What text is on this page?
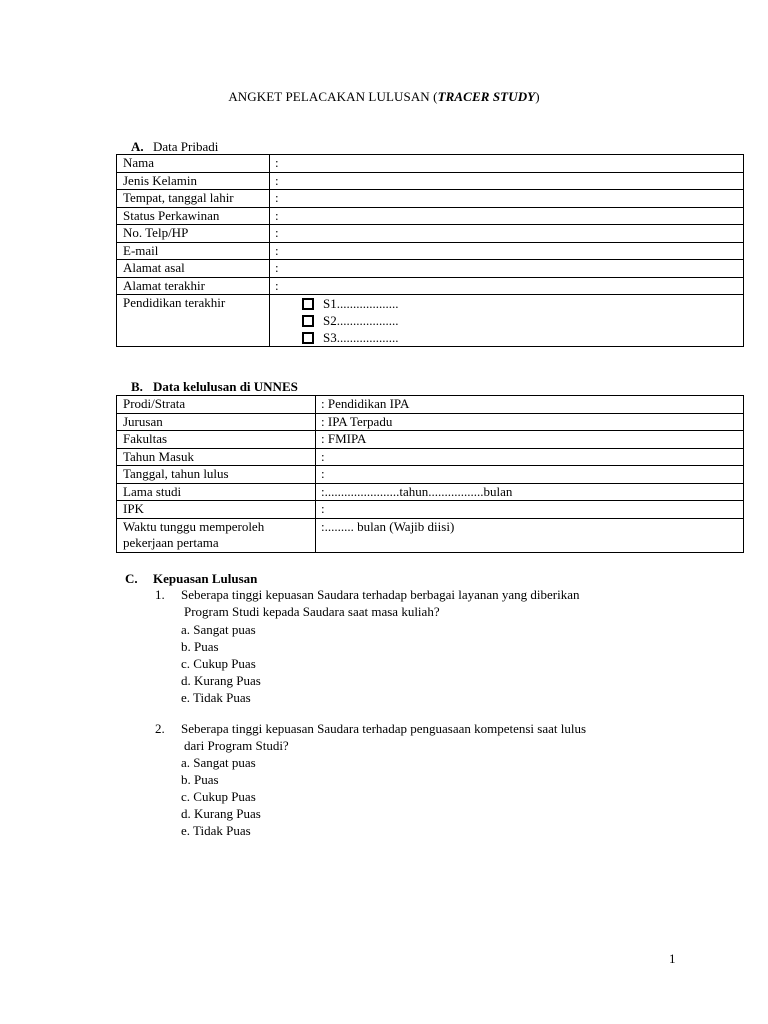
ANGKET PELACAKAN LULUSAN (TRACER STUDY)
A. Data Pribadi
Nama	:
Jenis Kelamin	:
Tempat, tanggal lahir	:
Status Perkawinan	:
No. Telp/HP	:
E-mail	:
Alamat asal	:
Alamat terakhir	:
Pendidikan terakhir	S1...................
S2...................
S3...................
B. Data kelulusan di UNNES
Prodi/Strata	: Pendidikan IPA
Jurusan	: IPA Terpadu
Fakultas	: FMIPA
Tahun Masuk	:
Tanggal, tahun lulus	:
Lama studi	:.......................tahun.................bulan
IPK	:
Waktu tunggu memperoleh pekerjaan pertama	:......... bulan (Wajib diisi)
C. Kepuasan Lulusan
1. Seberapa tinggi kepuasan Saudara terhadap berbagai layanan yang diberikan
Program Studi kepada Saudara saat masa kuliah?
a. Sangat puas
b. Puas
c. Cukup Puas
d. Kurang Puas
e. Tidak Puas
2. Seberapa tinggi kepuasan Saudara terhadap penguasaan kompetensi saat lulus
dari Program Studi?
a. Sangat puas
b. Puas
c. Cukup Puas
d. Kurang Puas
e. Tidak Puas
1
